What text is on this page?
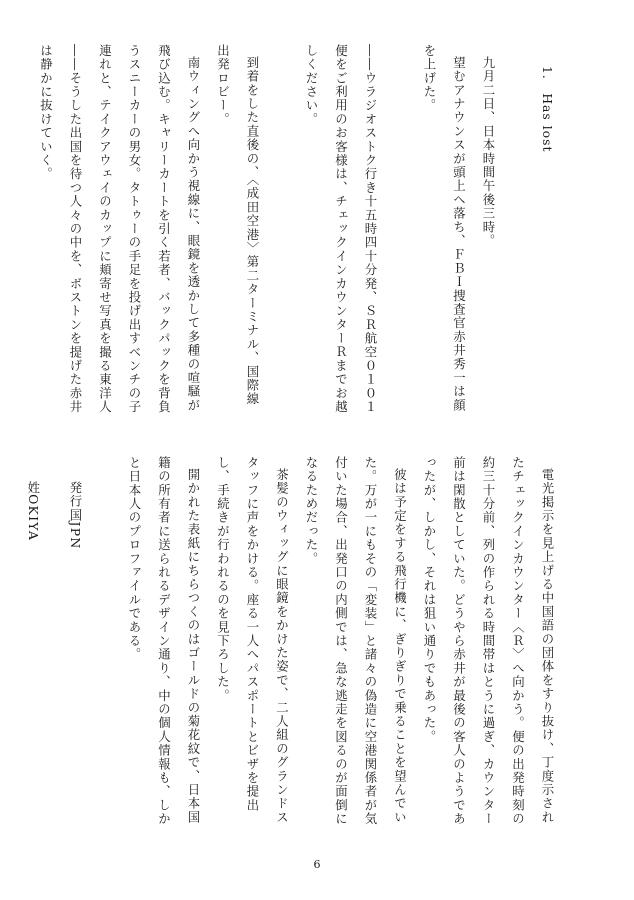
1.　Has lost

九月二日、日本時間午後三時。

望むアナウンスが頭上へ落ち、ＦＢＩ捜査官赤井秀一は顔を上げた。

――ウラジオストク行き十五時四十分発、ＳＲ航空０１０１便をご利用のお客様は、チェックインカウンターＲまでお越しください。

到着をした直後の、〈成田空港〉第二ターミナル、国際線出発ロビー。

南ウィングへ向かう視線に、眼鏡を透かして多種の喧騒が飛び込む。キャリーカートを引く若者、バックパックを背負うスニーカーの男女。タトゥーの手足を投げ出すベンチの子連れと、テイクアウェイのカップに頬寄せ写真を撮る東洋人――そうした出国を待つ人々の中を、ボストンを提げた赤井は静かに抜けていく。

電光掲示を見上げる中国語の団体をすり抜け、丁度示されたチェックインカウンター〈Ｒ〉へ向かう。便の出発時刻の約三十分前、列の作られる時間帯はとうに過ぎ、カウンター前は閑散としていた。どうやら赤井が最後の客人のようであったが、しかし、それは狙い通りでもあった。

彼は予定をする飛行機に、ぎりぎりで乗ることを望んでいた。万が一にもその「変装」と諸々の偽造に空港関係者が気付いた場合、出発口の内側では、急な逃走を図るのが面倒になるためだった。

茶髪のウィッグに眼鏡をかけた姿で、二人組のグランドスタッフに声をかける。座る一人へパスポートとビザを提出し、手続きが行われるのを見下ろした。

開かれた表紙にちらつくのはゴールドの菊花紋で、日本国籍の所有者に送られるデザイン通り、中の個人情報も、しかと日本人のプロファイルである。

発行国JPN

姓OKIYA

6
